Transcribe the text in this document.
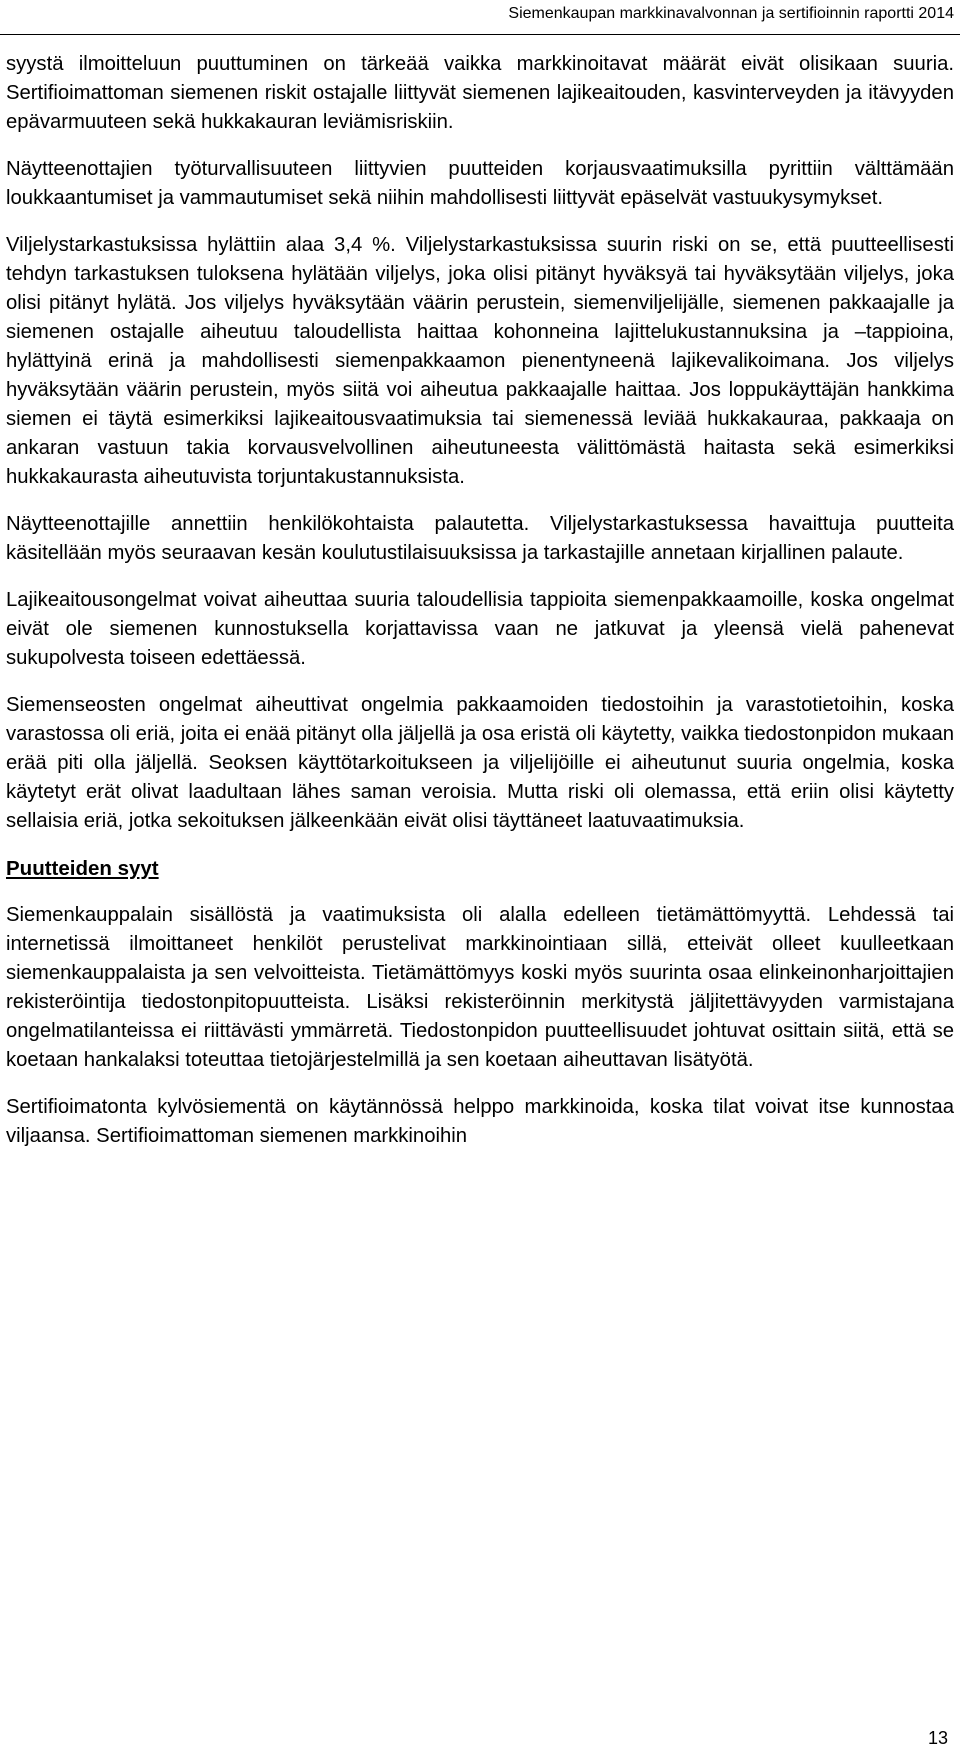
Siemenkaupan markkinavalvonnan ja sertifioinnin raportti 2014

syystä ilmoitteluun puuttuminen on tärkeää vaikka markkinoitavat määrät eivät olisikaan suuria. Sertifioimattoman siemenen riskit ostajalle liittyvät siemenen lajikeaitouden, kasvinterveyden ja itävyyden epävarmuuteen sekä hukkakauran leviämisriskiin.

Näytteenottajien työturvallisuuteen liittyvien puutteiden korjausvaatimuksilla pyrittiin välttämään loukkaantumiset ja vammautumiset sekä niihin mahdollisesti liittyvät epäselvät vastuukysymykset.

Viljelystarkastuksissa hylättiin alaa 3,4 %. Viljelystarkastuksissa suurin riski on se, että puutteellisesti tehdyn tarkastuksen tuloksena hylätään viljelys, joka olisi pitänyt hyväksyä tai hyväksytään viljelys, joka olisi pitänyt hylätä. Jos viljelys hyväksytään väärin perustein, siemenviljelijälle, siemenen pakkaajalle ja siemenen ostajalle aiheutuu taloudellista haittaa kohonneina lajittelukustannuksina ja –tappioina, hylättyinä erinä ja mahdollisesti siemenpakkaamon pienentyneenä lajikevalikoimana. Jos viljelys hyväksytään väärin perustein, myös siitä voi aiheutua pakkaajalle haittaa. Jos loppukäyttäjän hankkima siemen ei täytä esimerkiksi lajikeaitousvaatimuksia tai siemenessä leviää hukkakauraa, pakkaaja on ankaran vastuun takia korvausvelvollinen aiheutuneesta välittömästä haitasta sekä esimerkiksi hukkakaurasta aiheutuvista torjuntakustannuksista.

Näytteenottajille annettiin henkilökohtaista palautetta. Viljelystarkastuksessa havaittuja puutteita käsitellään myös seuraavan kesän koulutustilaisuuksissa ja tarkastajille annetaan kirjallinen palaute.

Lajikeaitousongelmat voivat aiheuttaa suuria taloudellisia tappioita siemenpakkaamoille, koska ongelmat eivät ole siemenen kunnostuksella korjattavissa vaan ne jatkuvat ja yleensä vielä pahenevat sukupolvesta toiseen edettäessä.

Siemenseosten ongelmat aiheuttivat ongelmia pakkaamoiden tiedostoihin ja varastotietoihin, koska varastossa oli eriä, joita ei enää pitänyt olla jäljellä ja osa eristä oli käytetty, vaikka tiedostonpidon mukaan erää piti olla jäljellä. Seoksen käyttötarkoitukseen ja viljelijöille ei aiheutunut suuria ongelmia, koska käytetyt erät olivat laadultaan lähes saman veroisia. Mutta riski oli olemassa, että eriin olisi käytetty sellaisia eriä, jotka sekoituksen jälkeenkään eivät olisi täyttäneet laatuvaatimuksia.

Puutteiden syyt

Siemenkauppalain sisällöstä ja vaatimuksista oli alalla edelleen tietämättömyyttä. Lehdessä tai internetissä ilmoittaneet henkilöt perustelivat markkinointiaan sillä, etteivät olleet kuulleetkaan siemenkauppalaista ja sen velvoitteista. Tietämättömyys koski myös suurinta osaa elinkeinonharjoittajien rekisteröintija tiedostonpitopuutteista. Lisäksi rekisteröinnin merkitystä jäljitettävyyden varmistajana ongelmatilanteissa ei riittävästi ymmärretä. Tiedostonpidon puutteellisuudet johtuvat osittain siitä, että se koetaan hankalaksi toteuttaa tietojärjestelmillä ja sen koetaan aiheuttavan lisätyötä.

Sertifioimatonta kylvösiementä on käytännössä helppo markkinoida, koska tilat voivat itse kunnostaa viljaansa. Sertifioimattoman siemenen markkinoihin

13
